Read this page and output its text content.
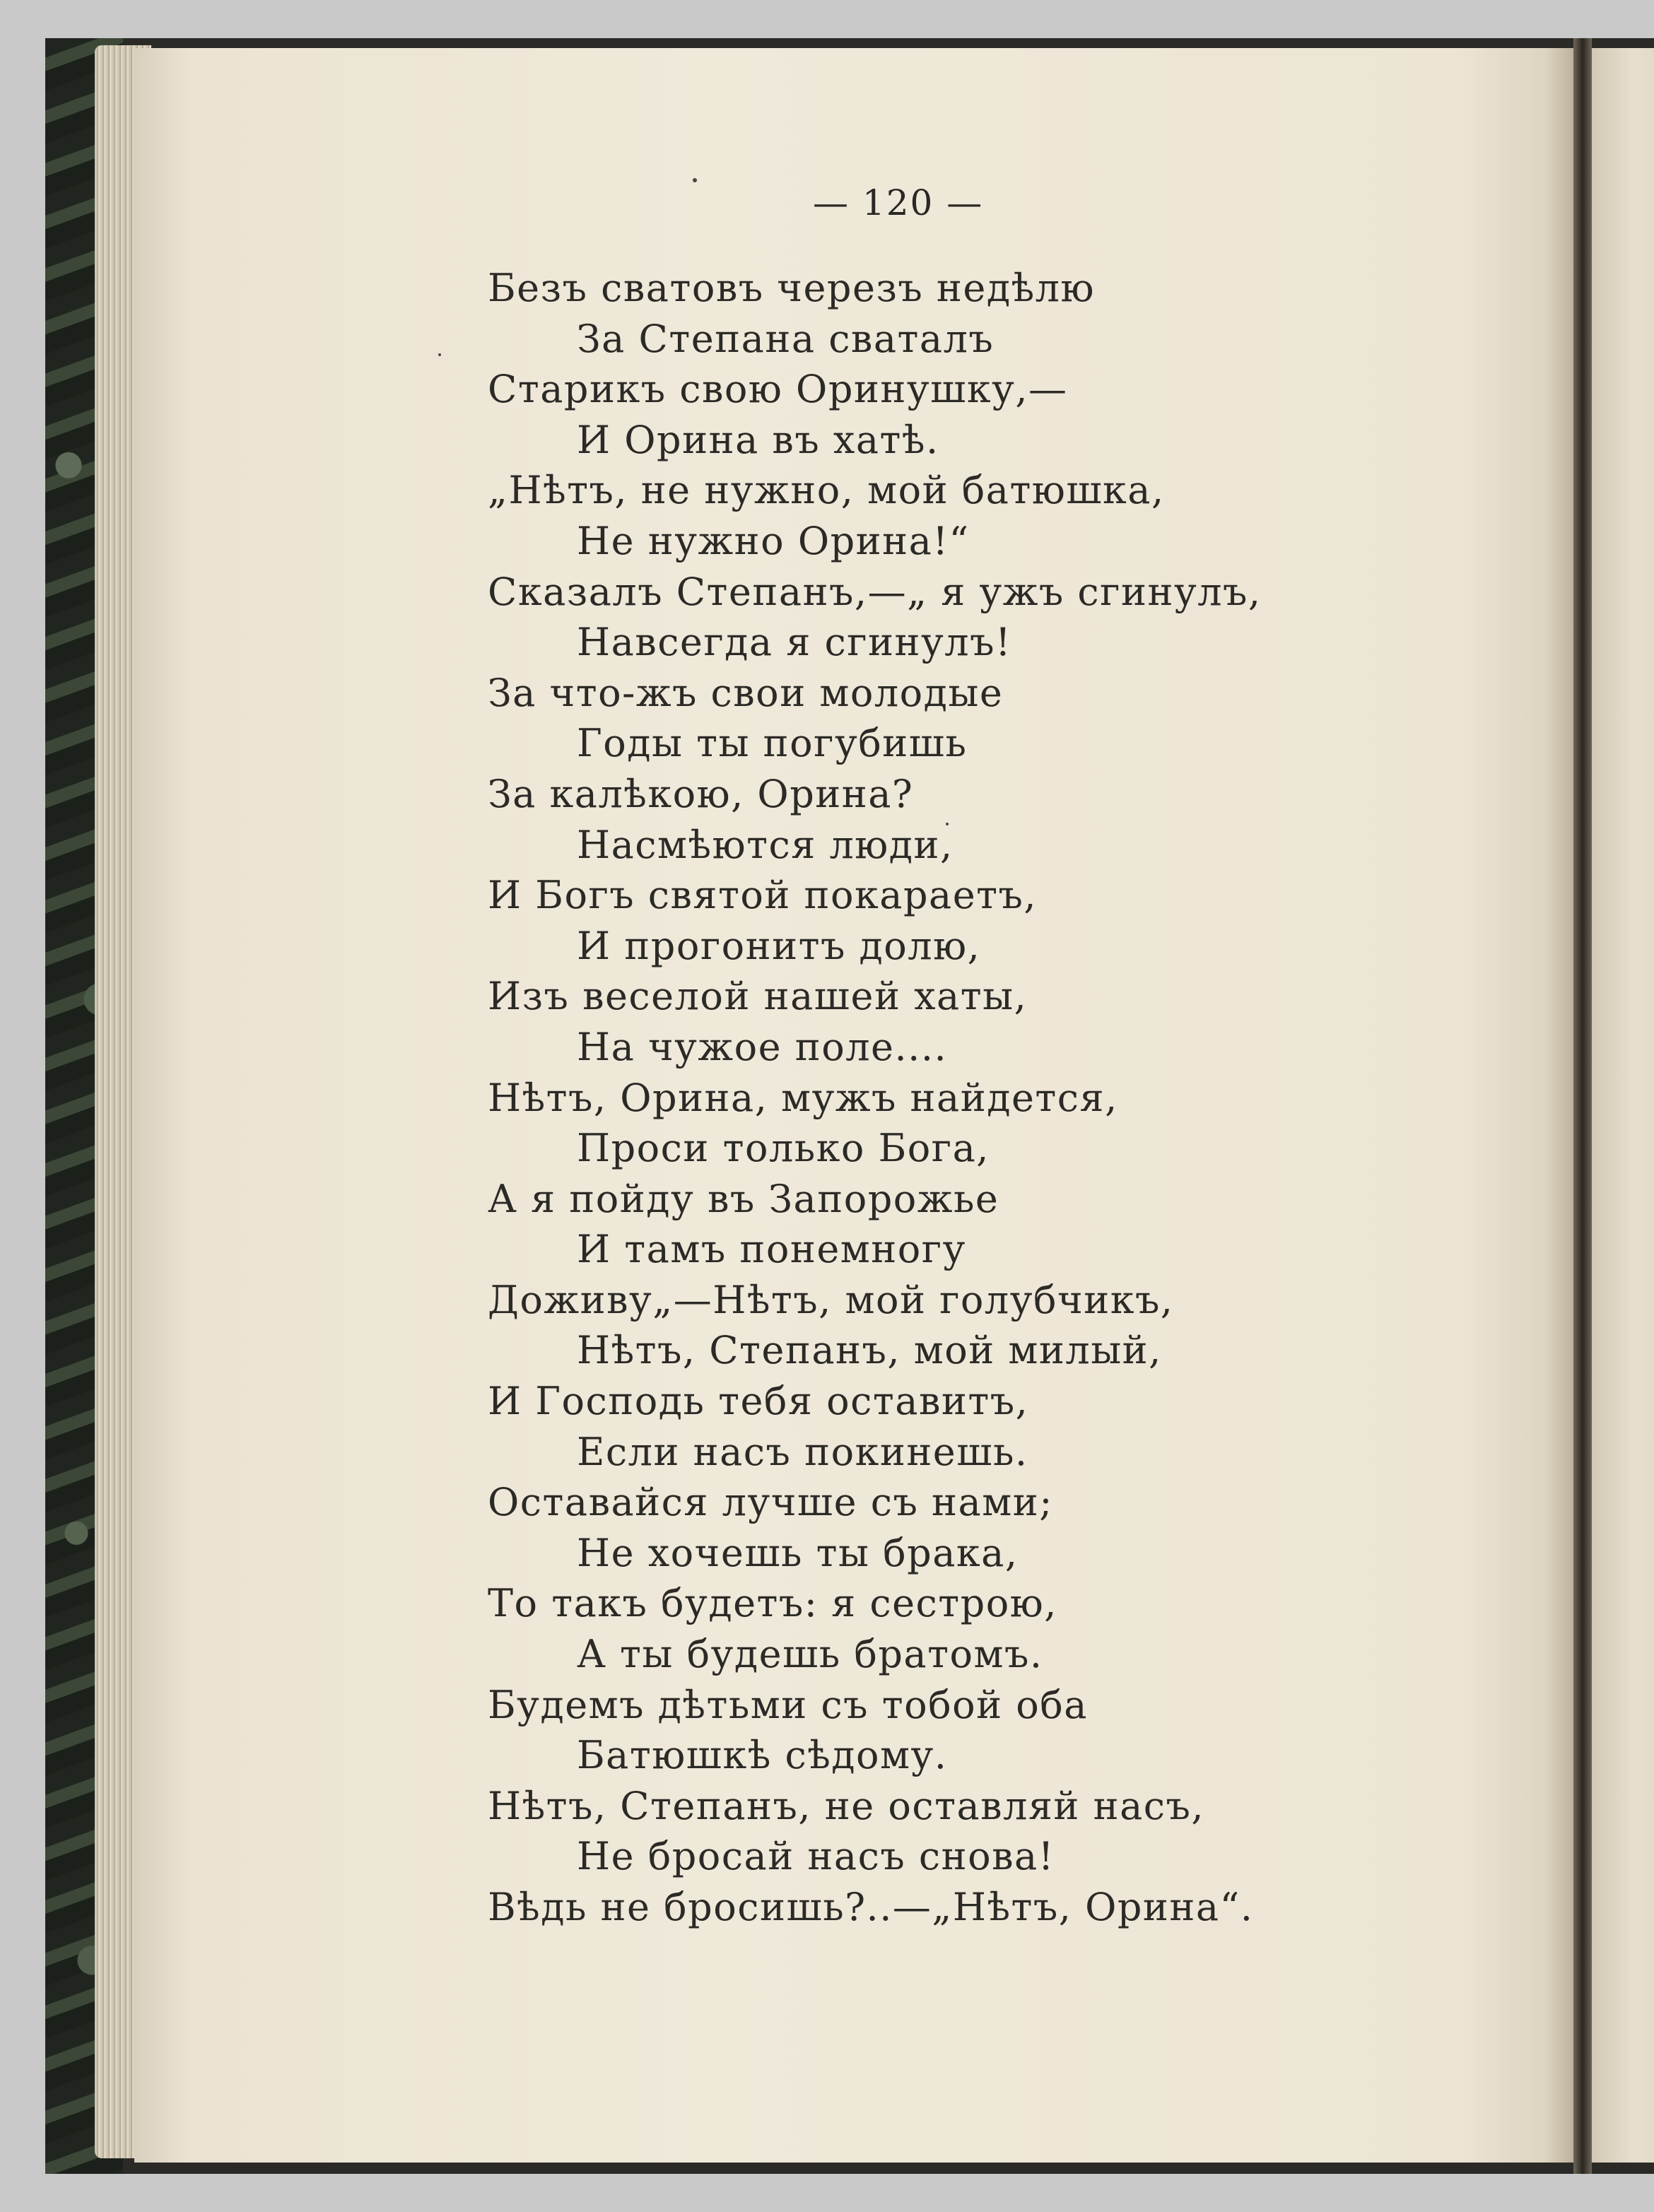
— 120 —
Безъ сватовъ черезъ недѣлю
За Степана свaталъ
Старикъ свою Оринушку,—
И Орина въ хатѣ.
„Нѣтъ, не нужно, мой батюшка,
Не нужно Орина!“
Сказалъ Степанъ,—„ я ужъ сгинулъ,
Навсегда я сгинулъ!
За что-жъ свои молодые
Годы ты погубишь
За калѣкою, Орина?
Насмѣются люди,
И Богъ святой покараетъ,
И прогонитъ долю,
Изъ веселой нашей хаты,
На чужое поле....
Нѣтъ, Орина, мужъ найдется,
Проси только Бога,
А я пойду въ Запорожье
И тамъ понемногу
Доживу„—Нѣтъ, мой голубчикъ,
Нѣтъ, Степанъ, мой милый,
И Господь тебя оставитъ,
Если насъ покинешь.
Оставайся лучше съ нами;
Не хочешь ты брака,
То такъ будетъ: я сестрою,
А ты будешь братомъ.
Будемъ дѣтьми съ тобой оба
Батюшкѣ сѣдому.
Нѣтъ, Степанъ, не оставляй насъ,
Не бросай насъ снова!
Вѣдь не бросишь?..—„Нѣтъ, Орина“.
